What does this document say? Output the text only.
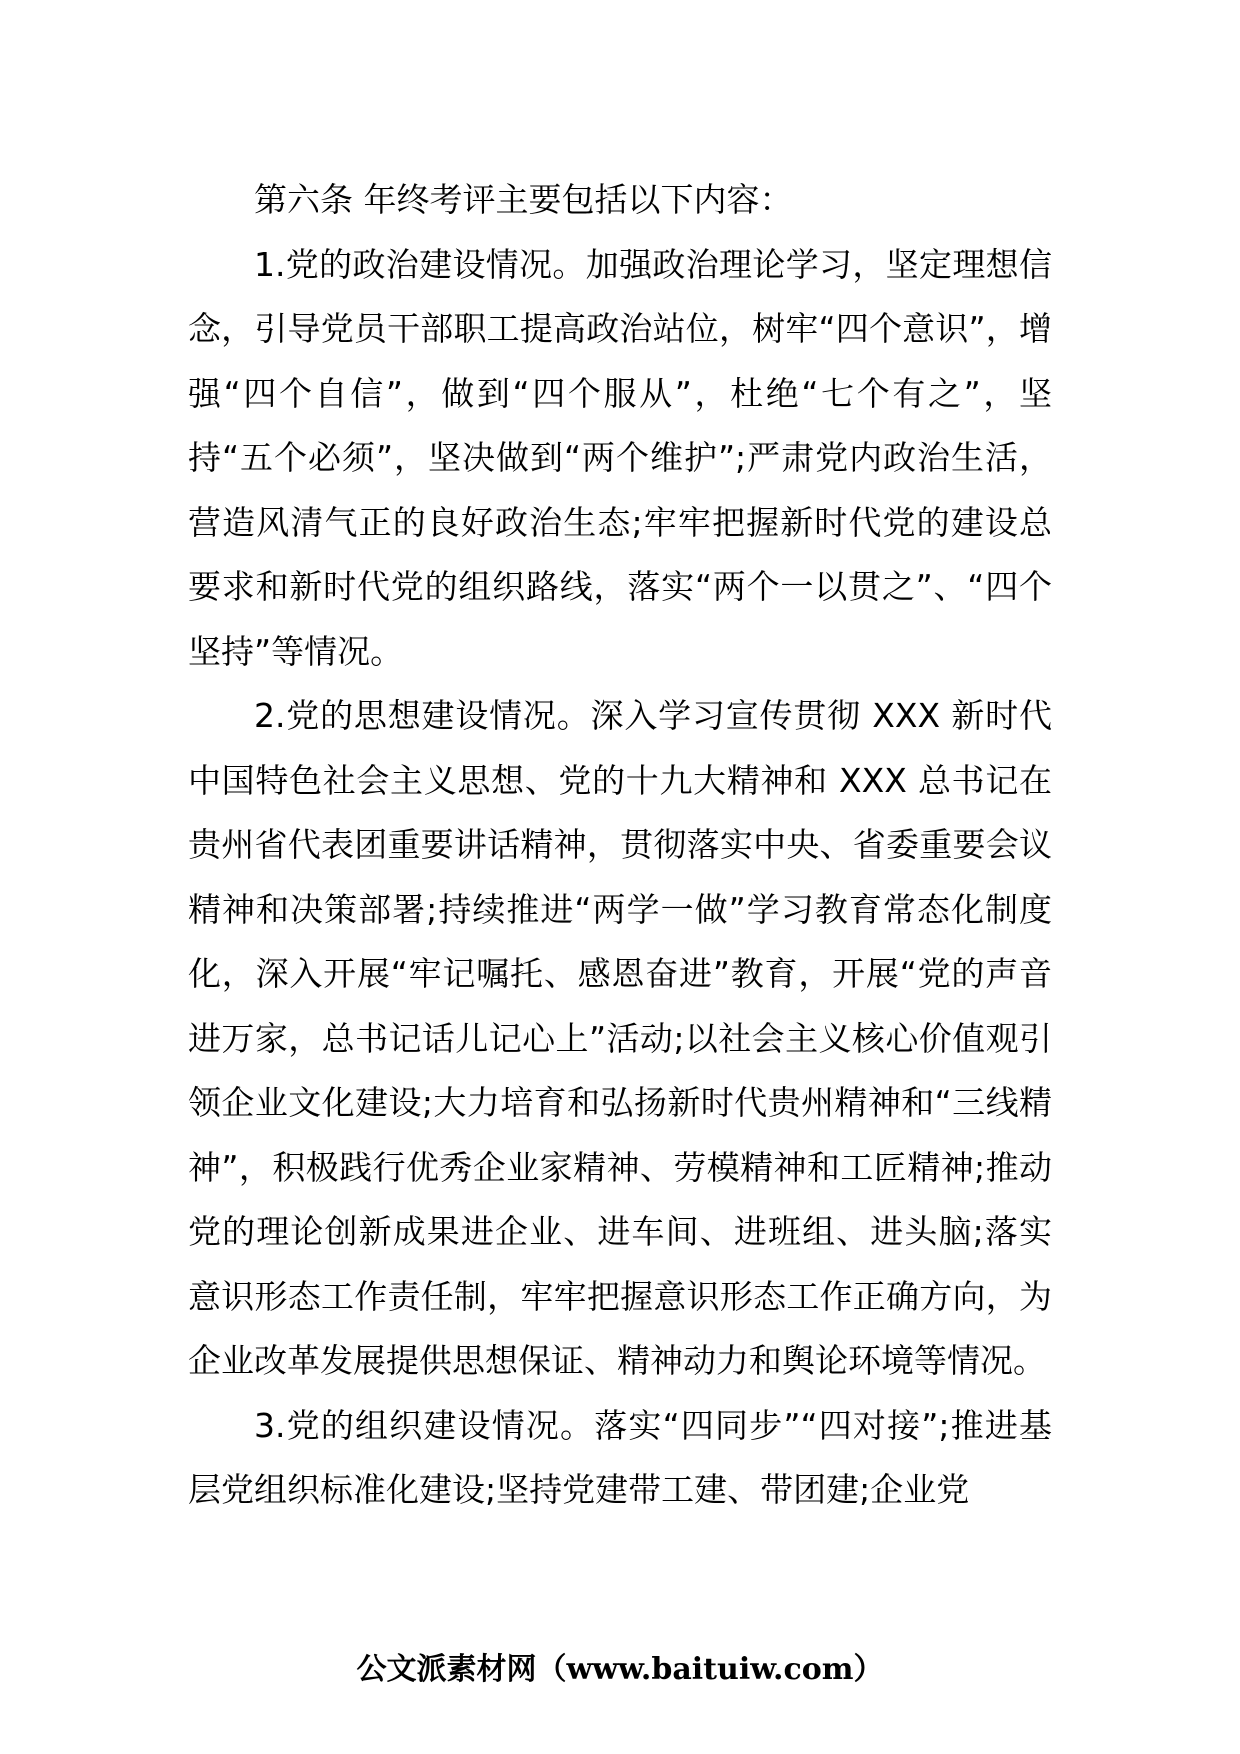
第六条 年终考评主要包括以下内容：

1.党的政治建设情况。加强政治理论学习，坚定理想信念，引导党员干部职工提高政治站位，树牢“四个意识”，增强“四个自信”，做到“四个服从”，杜绝“七个有之”，坚持“五个必须”，坚决做到“两个维护”;严肃党内政治生活，营造风清气正的良好政治生态;牢牢把握新时代党的建设总要求和新时代党的组织路线，落实“两个一以贯之”、“四个坚持”等情况。

2.党的思想建设情况。深入学习宣传贯彻 XXX 新时代中国特色社会主义思想、党的十九大精神和 XXX 总书记在贵州省代表团重要讲话精神，贯彻落实中央、省委重要会议精神和决策部署;持续推进“两学一做”学习教育常态化制度化，深入开展“牢记嘱托、感恩奋进”教育，开展“党的声音进万家，总书记话儿记心上”活动;以社会主义核心价值观引领企业文化建设;大力培育和弘扬新时代贵州精神和“三线精神”，积极践行优秀企业家精神、劳模精神和工匠精神;推动党的理论创新成果进企业、进车间、进班组、进头脑;落实意识形态工作责任制，牢牢把握意识形态工作正确方向，为企业改革发展提供思想保证、精神动力和舆论环境等情况。

3.党的组织建设情况。落实“四同步”“四对接”;推进基层党组织标准化建设;坚持党建带工建、带团建;企业党

公文派素材网（www.baituiw.com）
